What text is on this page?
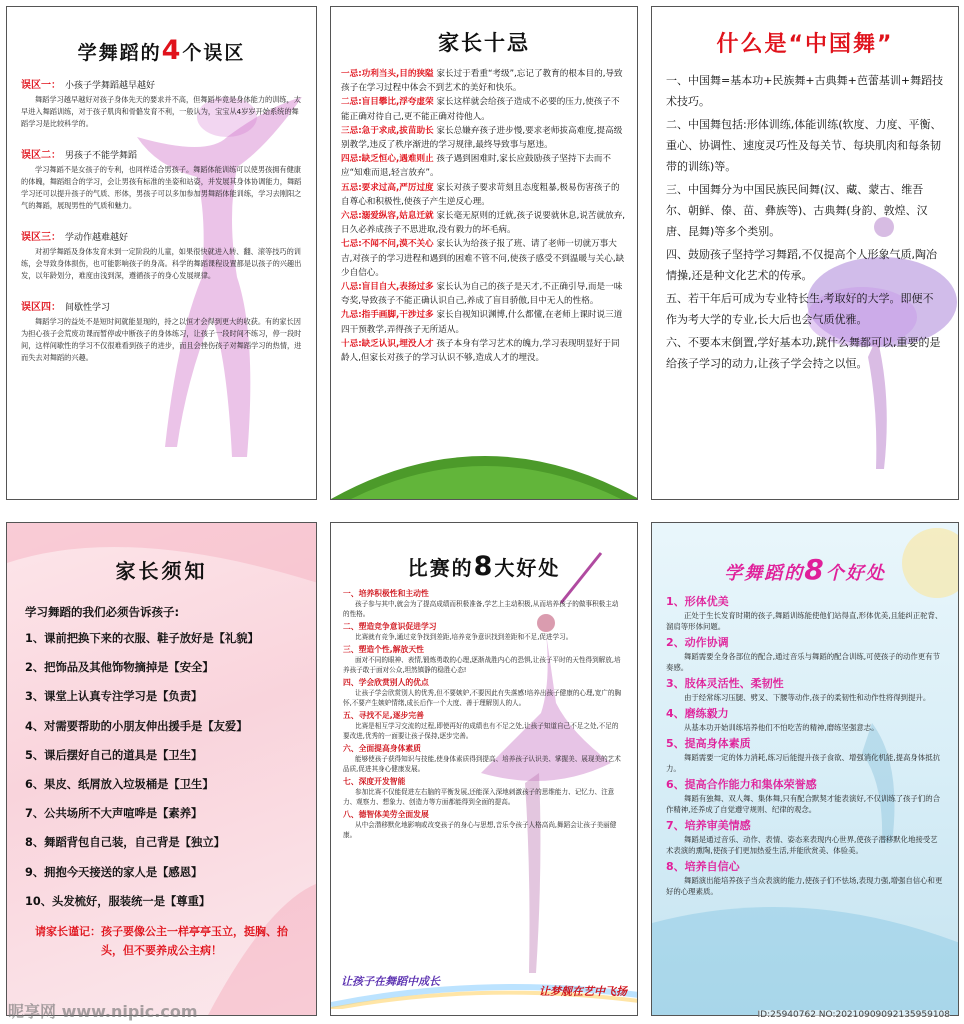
学舞蹈的4个误区
误区一： 小孩子学舞蹈越早越好
舞蹈学习越早越好对孩子身体先天的要求并不高，但舞蹈毕竟是身体能力的训练，太早进入舞蹈训练，对于孩子肌肉和骨骼发育不利，一般认为，宝宝从4岁岁开始系统的舞蹈学习是比较科学的。
误区二： 男孩子不能学舞蹈
学习舞蹈不是女孩子的专利，也同样适合男孩子。舞蹈体能训练可以使男孩拥有健康的体魄，舞蹈组合的学习，会让男孩有标准的坐姿和站姿，并发展其身体协调能力，舞蹈学习还可以提升孩子的气质、形体，男孩子可以多加参加男舞蹈体能训练，学习去刚阳之气的舞蹈，展现男性的气质和魅力。
误区三： 学动作越难越好
对初学舞蹈及身体发育未到一定阶段的儿童，如果很快就进入转、翻、滚等技巧的训练，会导致身体损伤，也可能影响孩子的身高。科学的舞蹈课程设置都是以孩子的兴趣出发，以年龄划分，难度由浅到深，遵循孩子的身心发展规律。
误区四： 间歇性学习
舞蹈学习的益处不是短时间就能显现的，持之以恒才会得到更大的收获。有的家长因为担心孩子会荒废功课而暂停或中断孩子的身体练习，让孩子一段时间不练习，停一段时间，这样间歇性的学习不仅很难看到孩子的进步，而且会挫伤孩子对舞蹈学习的热情，进而失去对舞蹈的兴趣。
家长十忌
一忌:功利当头,目的狭隘 家长过于看重“考级”,忘记了教育的根本目的,导致孩子在学习过程中体会不到艺术的美好和快乐。
二忌:盲目攀比,浮夸虚荣 家长这样就会给孩子造成不必要的压力,使孩子不能正确对待自己,更不能正确对待他人。
三忌:急于求成,拔苗助长 家长总嫌弃孩子进步慢,要求老师拔高难度,提高级别教学,违反了秩序渐进的学习规律,最终导致事与愿违。
四忌:缺乏恒心,遇难则止 孩子遇到困难时,家长应鼓励孩子坚持下去而不应“知难而退,轻言放弃”。
五忌:要求过高,严厉过度 家长对孩子要求苛刻且态度粗暴,极易伤害孩子的自尊心和积极性,使孩子产生逆反心理。
六忌:溺爱纵容,姑息迁就 家长毫无原则的迁就,孩子说要就休息,说苦就放弃,日久必养成孩子不思进取,没有毅力的坏毛病。
七忌:不闻不问,漠不关心 家长认为给孩子报了班、请了老师一切就万事大吉,对孩子的学习进程和遇到的困难不管不问,使孩子感受不到温暖与关心,缺少自信心。
八忌:盲目自大,表扬过多 家长认为自己的孩子是天才,不正确引导,而是一味夸奖,导致孩子不能正确认识自己,养成了盲目骄傲,目中无人的性格。
九忌:指手画脚,干涉过多 家长自视知识渊博,什么都懂,在老师上课时说三道四干预教学,弄得孩子无所适从。
十忌:缺乏认识,埋没人才 孩子本身有学习艺术的魄力,学习表现明显好于同龄人,但家长对孩子的学习认识不够,造成人才的埋没。
什么是“中国舞”
一、中国舞=基本功+民族舞+古典舞+芭蕾基训+舞蹈技术技巧。
二、中国舞包括:形体训练,体能训练(软度、力度、平衡、重心、协调性、速度灵巧性及每关节、每块肌肉和每条韧带的训练)等。
三、中国舞分为中国民族民间舞(汉、藏、蒙古、维吾尔、朝鲜、傣、苗、彝族等)、古典舞(身韵、敦煌、汉唐、昆舞)等多个类别。
四、鼓励孩子坚持学习舞蹈,不仅提高个人形象气质,陶冶情操,还是种文化艺术的传承。
五、若干年后可成为专业特长生,考取好的大学。即便不作为考大学的专业,长大后也会气质优雅。
六、不要本末倒置,学好基本功,跳什么舞都可以,重要的是给孩子学习的动力,让孩子学会持之以恒。
家长须知
学习舞蹈的我们必须告诉孩子:
1、课前把换下来的衣服、鞋子放好是【礼貌】
2、把饰品及其他饰物摘掉是【安全】
3、课堂上认真专注学习是【负责】
4、对需要帮助的小朋友伸出援手是【友爱】
5、课后摆好自己的道具是【卫生】
6、果皮、纸屑放入垃圾桶是【卫生】
7、公共场所不大声喧哗是【素养】
8、舞蹈背包自己装，自己背是【独立】
9、拥抱今天接送的家人是【感恩】
10、头发梳好，服装统一是【尊重】
请家长谨记：孩子要像公主一样亭亭玉立，挺胸、抬头，但不要养成公主病！
比赛的8大好处
一、培养积极性和主动性
孩子参与其中,就会为了提高成绩而积极准备,学艺上主动积极,从而培养孩子的做事积极主动的性格。
二、塑造竞争意识促进学习
比赛就有竞争,通过竞争找到差距,培养竞争意识找到差距和不足,促进学习。
三、塑造个性,解放天性
面对不同的眼神、表情,锻炼勇敢的心理,逐渐战胜内心的恐惧,让孩子平时的天性得到解放,培养孩子敢于面对公众,坦然镇静的稳胜心态!
四、学会欣赏别人的优点
让孩子学会欣赏别人的优秀,但不要嫉妒,不要因此有失落感!培养出孩子健康的心理,宽广的胸怀,不要产生嫉妒情绪,成长后作一个大度、善于理解别人的人。
五、寻找不足,逐步完善
比赛是相互学习交流的过程,即使再好的成绩也有不足之处,让孩子知道自己不足之处,不足的要改进,优秀的一面要让孩子保持,逐步完善。
六、全面提高身体素质
能够使孩子获得知识与技能,使身体素质得到提高、培养孩子认识美、掌握美、展现美的艺术品质,促进其身心健康发展。
七、深度开发智能
参加比赛不仅能促进左右脑的平衡发展,还能深入深地刺激孩子的思维能力、记忆力、注意力、观察力、想象力、创造力等方面都能得到全面的提高。
八、德智体美劳全面发展
从中会潜移默化地影响或改变孩子的身心与思想,音乐令孩子人格高尚,舞蹈会让孩子美丽健康。
让孩子在舞蹈中成长
让梦舰在艺中飞扬
学舞蹈的8个好处
1、形体优美
正处于生长发育时期的孩子,舞蹈训练能使他们站得直,形体优美,且能纠正驼背、溜肩等形体问题。
2、动作协调
舞蹈需要全身各部位的配合,通过音乐与舞蹈的配合训练,可使孩子的动作更有节奏感。
3、肢体灵活性、柔韧性
由于经常练习压腿、劈叉、下腰等动作,孩子的柔韧性和动作性将得到提升。
4、磨练毅力
从基本功开始训练培养他们不怕吃苦的精神,磨练坚强意志。
5、提高身体素质
舞蹈需要一定的体力消耗,练习后能提升孩子食欲、增强消化机能,提高身体抵抗力。
6、提高合作能力和集体荣誉感
舞蹈有独舞、双人舞、集体舞,只有配合默契才能表演好,不仅训练了孩子们的合作精神,还养成了自觉遵守规则、纪律的观念。
7、培养审美情感
舞蹈是通过音乐、动作、表情、姿态来表现内心世界,使孩子潜移默化地接受艺术表演的熏陶,使孩子们更加热爱生活,并能欣赏美、体验美。
8、培养自信心
舞蹈演出能培养孩子当众表演的能力,使孩子们不怯场,表现力强,增强自信心和更好的心理素质。
昵享网 www.nipic.com	ID:25940762 NO:20210909092135959108
